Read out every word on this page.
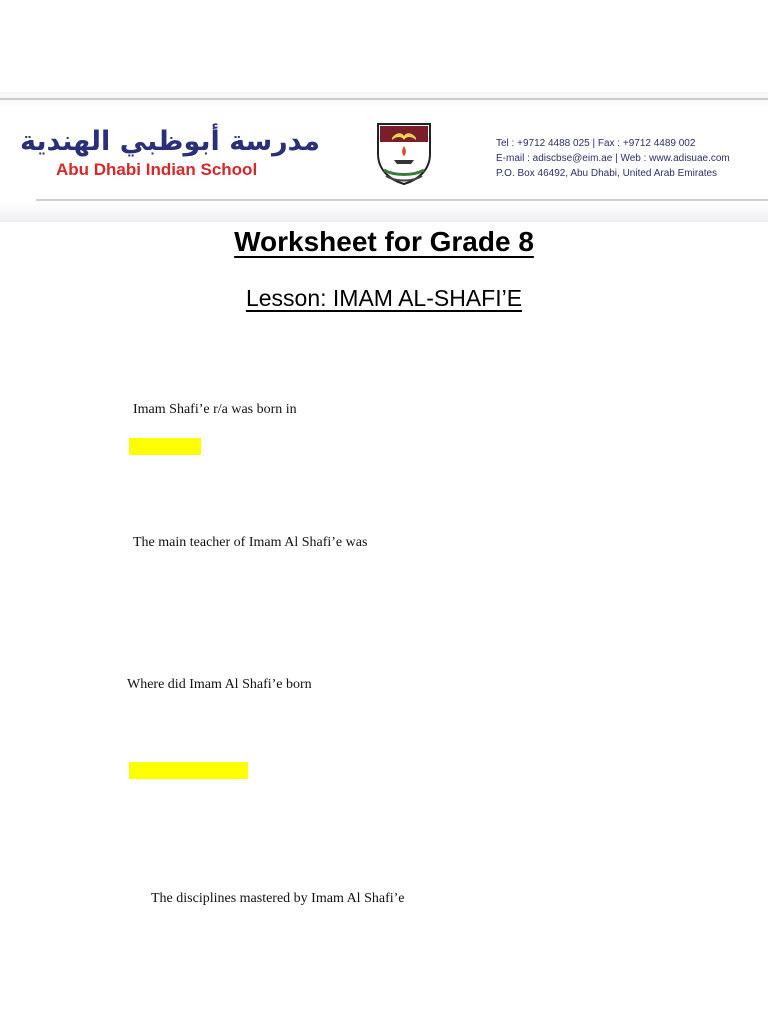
مدرسة أبوظبي الهندية
Abu Dhabi Indian School
Tel : +9712 4488 025 | Fax : +9712 4489 002
E-mail : adiscbse@eim.ae | Web : www.adisuae.com
P.O. Box 46492, Abu Dhabi, United Arab Emirates
Worksheet for Grade 8
Lesson: IMAM AL-SHAFI’E
Imam Shafi’e r/a was born in
The main teacher of Imam Al Shafi’e was
Where did Imam Al Shafi’e born
The disciplines mastered by Imam Al Shafi’e
